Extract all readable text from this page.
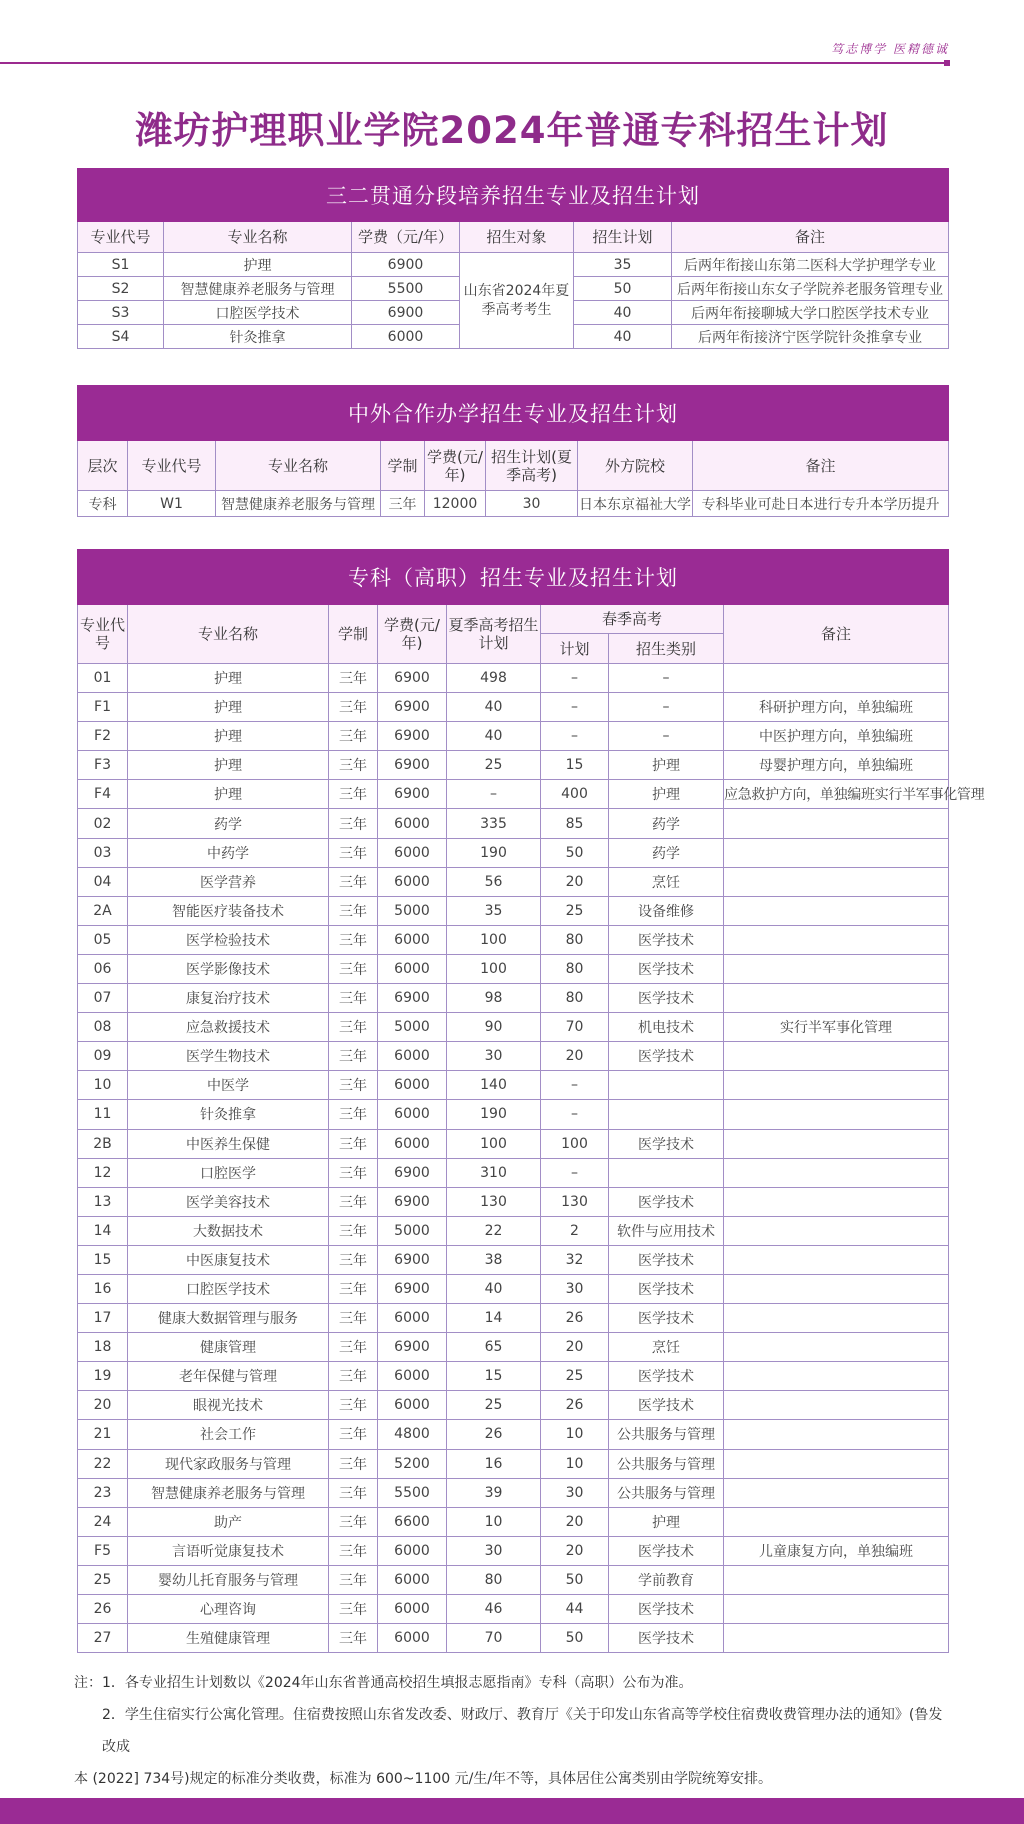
笃志博学 医精德诚
潍坊护理职业学院2024年普通专科招生计划
三二贯通分段培养招生专业及招生计划					
专业代号	专业名称	学费（元/年）	招生对象	招生计划	备注
S1	护理	6900	山东省2024年夏季高考考生	35	后两年衔接山东第二医科大学护理学专业
S2	智慧健康养老服务与管理	5500		50	后两年衔接山东女子学院养老服务管理专业
S3	口腔医学技术	6900		40	后两年衔接聊城大学口腔医学技术专业
S4	针灸推拿	6000		40	后两年衔接济宁医学院针灸推拿专业
中外合作办学招生专业及招生计划							
层次	专业代号	专业名称	学制	学费(元/年)	招生计划(夏季高考)	外方院校	备注
专科	W1	智慧健康养老服务与管理	三年	12000	30	日本东京福祉大学	专科毕业可赴日本进行专升本学历提升
专科（高职）招生专业及招生计划							
专业代号	专业名称	学制	学费(元/年)	夏季高考招生计划	春季高考		备注
					计划	招生类别	
01	护理	三年	6900	498	–	–	
F1	护理	三年	6900	40	–	–	科研护理方向，单独编班
F2	护理	三年	6900	40	–	–	中医护理方向，单独编班
F3	护理	三年	6900	25	15	护理	母婴护理方向，单独编班
F4	护理	三年	6900	–	400	护理	应急救护方向，单独编班实行半军事化管理
02	药学	三年	6000	335	85	药学	
03	中药学	三年	6000	190	50	药学	
04	医学营养	三年	6000	56	20	烹饪	
2A	智能医疗装备技术	三年	5000	35	25	设备维修	
05	医学检验技术	三年	6000	100	80	医学技术	
06	医学影像技术	三年	6000	100	80	医学技术	
07	康复治疗技术	三年	6900	98	80	医学技术	
08	应急救援技术	三年	5000	90	70	机电技术	实行半军事化管理
09	医学生物技术	三年	6000	30	20	医学技术	
10	中医学	三年	6000	140	–		
11	针灸推拿	三年	6000	190	–		
2B	中医养生保健	三年	6000	100	100	医学技术	
12	口腔医学	三年	6900	310	–		
13	医学美容技术	三年	6900	130	130	医学技术	
14	大数据技术	三年	5000	22	2	软件与应用技术	
15	中医康复技术	三年	6900	38	32	医学技术	
16	口腔医学技术	三年	6900	40	30	医学技术	
17	健康大数据管理与服务	三年	6000	14	26	医学技术	
18	健康管理	三年	6900	65	20	烹饪	
19	老年保健与管理	三年	6000	15	25	医学技术	
20	眼视光技术	三年	6000	25	26	医学技术	
21	社会工作	三年	4800	26	10	公共服务与管理	
22	现代家政服务与管理	三年	5200	16	10	公共服务与管理	
23	智慧健康养老服务与管理	三年	5500	39	30	公共服务与管理	
24	助产	三年	6600	10	20	护理	
F5	言语听觉康复技术	三年	6000	30	20	医学技术	儿童康复方向，单独编班
25	婴幼儿托育服务与管理	三年	6000	80	50	学前教育	
26	心理咨询	三年	6000	46	44	医学技术	
27	生殖健康管理	三年	6000	70	50	医学技术	

注：1．各专业招生计划数以《2024年山东省普通高校招生填报志愿指南》专科（高职）公布为准。

2．学生住宿实行公寓化管理。住宿费按照山东省发改委、财政厅、教育厅《关于印发山东省高等学校住宿费收费管理办法的通知》(鲁发改成

本 (2022] 734号)规定的标准分类收费，标准为 600~1100 元/生/年不等，具体居住公寓类别由学院统筹安排。
